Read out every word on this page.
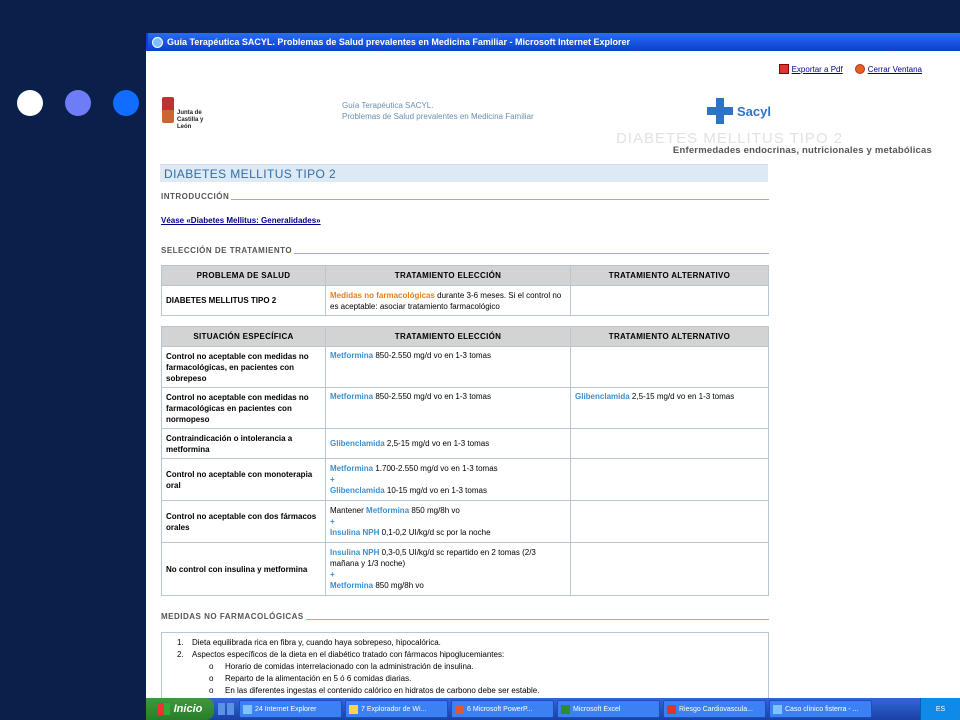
Guía Terapéutica SACYL. Problemas de Salud prevalentes en Medicina Familiar - Microsoft Internet Explorer
Exportar a Pdf	Cerrar Ventana
Junta de
Castilla y León
Guía Terapéutica SACYL.
Problemas de Salud prevalentes en Medicina Familiar	Sacyl
DIABETES MELLITUS TIPO 2
Enfermedades endocrinas, nutricionales y metabólicas
DIABETES MELLITUS TIPO 2
INTRODUCCIÓN
Véase «Diabetes Mellitus: Generalidades»
SELECCIÓN DE TRATAMIENTO
PROBLEMA DE SALUD	TRATAMIENTO ELECCIÓN	TRATAMIENTO ALTERNATIVO
DIABETES MELLITUS TIPO 2	Medidas no farmacológicas durante 3-6 meses. Si el control no es aceptable: asociar tratamiento farmacológico	
SITUACIÓN ESPECÍFICA	TRATAMIENTO ELECCIÓN	TRATAMIENTO ALTERNATIVO
Control no aceptable con medidas no farmacológicas, en pacientes con sobrepeso	Metformina 850-2.550 mg/d vo en 1-3 tomas	
Control no aceptable con medidas no farmacológicas en pacientes con normopeso	Metformina 850-2.550 mg/d vo en 1-3 tomas	Glibenclamida 2,5-15 mg/d vo en 1-3 tomas
Contraindicación o intolerancia a metformina	Glibenclamida 2,5-15 mg/d vo en 1-3 tomas	
Control no aceptable con monoterapia oral	Metformina 1.700-2.550 mg/d vo en 1-3 tomas
+
Glibenclamida 10-15 mg/d vo en 1-3 tomas	

Control no aceptable con dos fármacos orales	Mantener Metformina 850 mg/8h vo
+
Insulina NPH 0,1-0,2 UI/kg/d sc por la noche	

No control con insulina y metformina	Insulina NPH 0,3-0,5 UI/kg/d sc repartido en 2 tomas (2/3 mañana y 1/3 noche)
+
Metformina 850 mg/8h vo	

MEDIDAS NO FARMACOLÓGICAS
1. Dieta equilibrada rica en fibra y, cuando haya sobrepeso, hipocalórica.
2. Aspectos específicos de la dieta en el diabético tratado con fármacos hipoglucemiantes:
o Horario de comidas interrelacionado con la administración de insulina.
o Reparto de la alimentación en 5 ó 6 comidas diarias.
o En las diferentes ingestas el contenido calórico en hidratos de carbono debe ser estable.
o
Inicio	24 Internet Explorer	7 Explorador de Wi...	6 Microsoft PowerP...	Microsoft Excel	Riesgo Cardiovascula...	Caso clínico fisterra - ...	ES
